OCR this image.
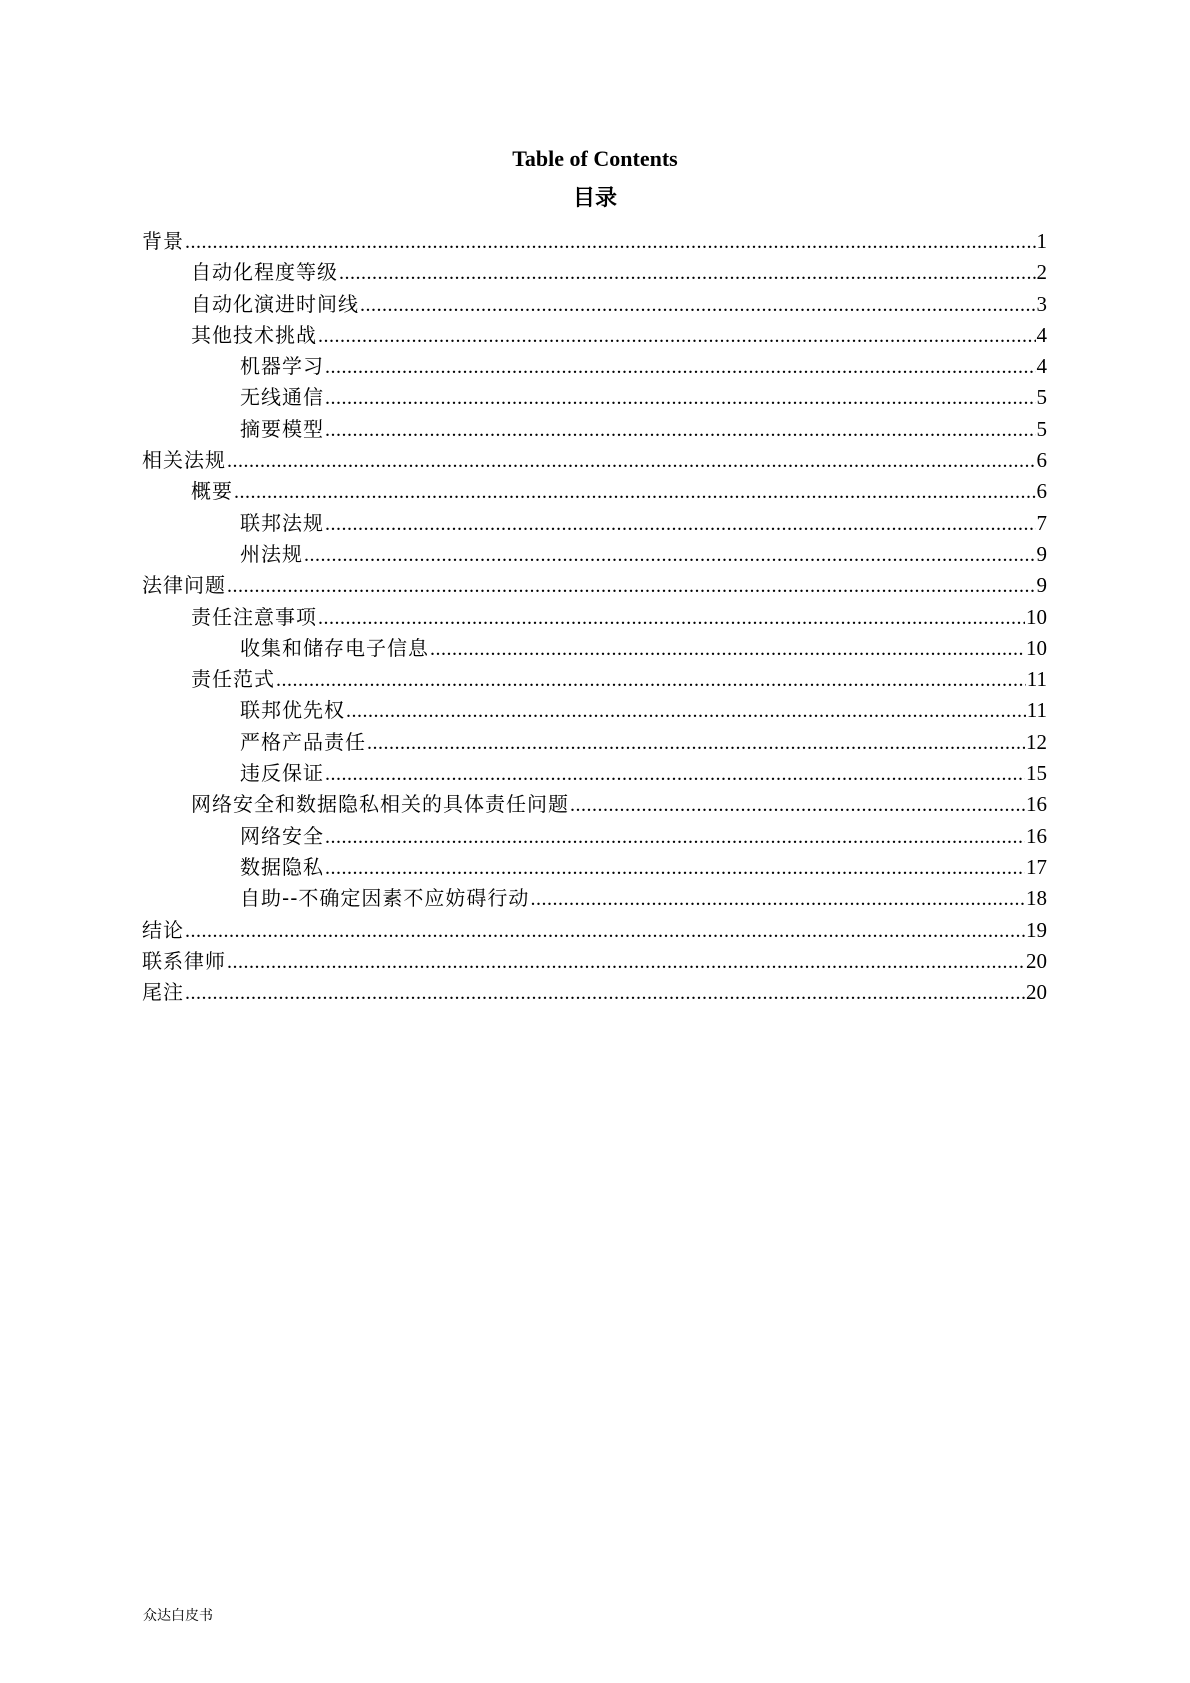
Table of Contents
目录
背景 .....	1
自动化程度等级 .....	2
自动化演进时间线 .....	3
其他技术挑战 .....	4
机器学习 .....	4
无线通信 .....	5
摘要模型 .....	5
相关法规 .....	6
概要 .....	6
联邦法规 .....	7
州法规 .....	9
法律问题 .....	9
责任注意事项 .....	10
收集和储存电子信息 .....	10
责任范式 .....	11
联邦优先权 .....	11
严格产品责任 .....	12
违反保证 .....	15
网络安全和数据隐私相关的具体责任问题 .....	16
网络安全 .....	16
数据隐私 .....	17
自助--不确定因素不应妨碍行动 .....	18
结论 .....	19
联系律师 .....	20
尾注 .....	20
众达白皮书
